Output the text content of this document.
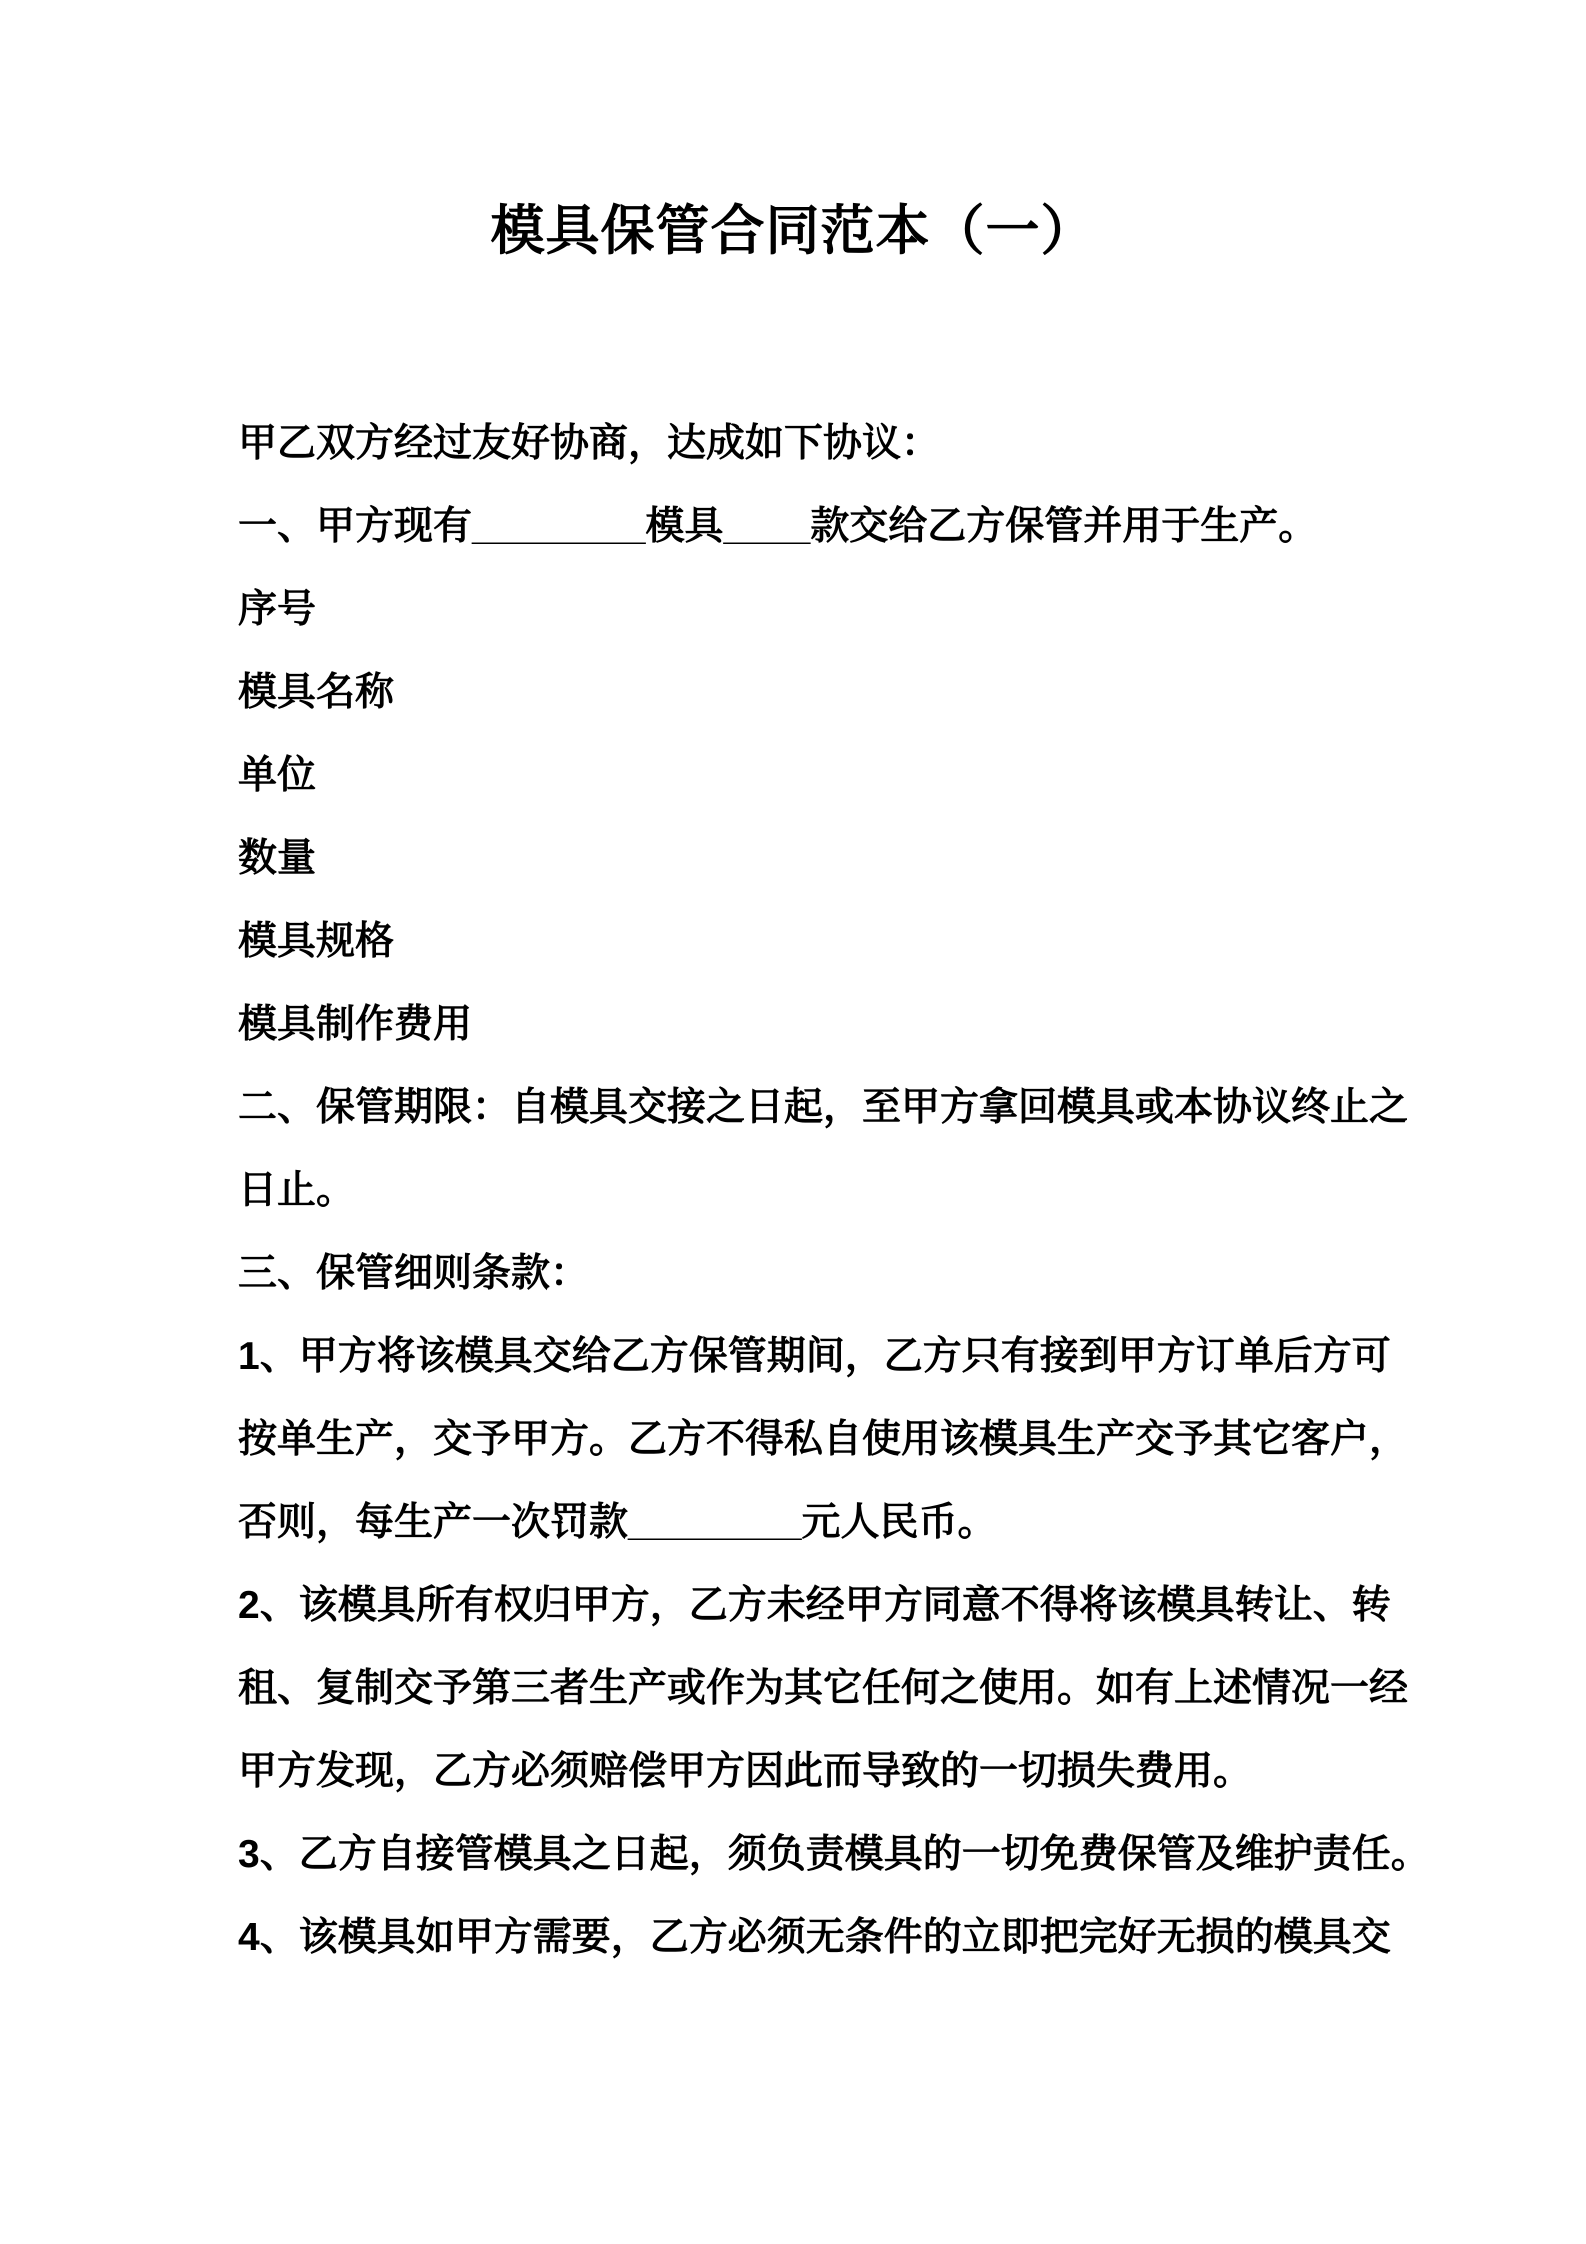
模具保管合同范本（一）
甲乙双方经过友好协商，达成如下协议：
一、甲方现有________模具____款交给乙方保管并用于生产。
序号
模具名称
单位
数量
模具规格
模具制作费用
二、保管期限：自模具交接之日起，至甲方拿回模具或本协议终止之
日止。
三、保管细则条款：
1、甲方将该模具交给乙方保管期间，乙方只有接到甲方订单后方可
按单生产，交予甲方。乙方不得私自使用该模具生产交予其它客户，
否则，每生产一次罚款________元人民币。
2、该模具所有权归甲方，乙方未经甲方同意不得将该模具转让、转
租、复制交予第三者生产或作为其它任何之使用。如有上述情况一经
甲方发现，乙方必须赔偿甲方因此而导致的一切损失费用。
3、乙方自接管模具之日起，须负责模具的一切免费保管及维护责任。
4、该模具如甲方需要，乙方必须无条件的立即把完好无损的模具交
